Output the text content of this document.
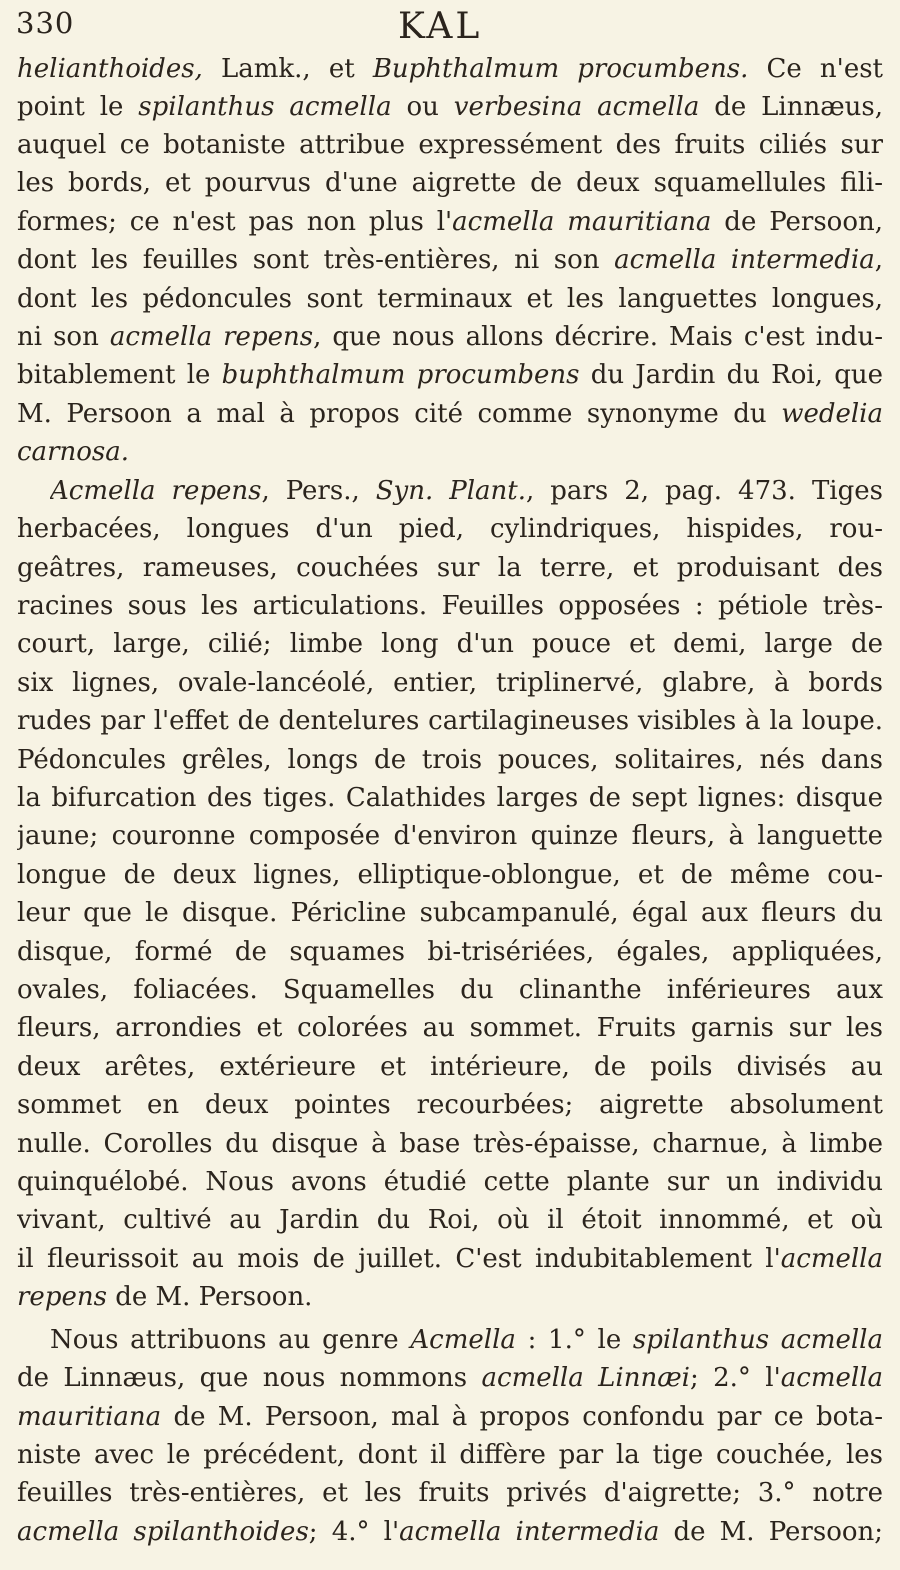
330	KAL
helianthoides, Lamk., et Buphthalmum procumbens. Ce n'est
point le spilanthus acmella ou verbesina acmella de Linnæus,
auquel ce botaniste attribue expressément des fruits ciliés sur
les bords, et pourvus d'une aigrette de deux squamellules fili-
formes; ce n'est pas non plus l'acmella mauritiana de Persoon,
dont les feuilles sont très-entières, ni son acmella intermedia,
dont les pédoncules sont terminaux et les languettes longues,
ni son acmella repens, que nous allons décrire. Mais c'est indu-
bitablement le buphthalmum procumbens du Jardin du Roi, que
M. Persoon a mal à propos cité comme synonyme du wedelia
carnosa.
Acmella repens, Pers., Syn. Plant., pars 2, pag. 473. Tiges
herbacées, longues d'un pied, cylindriques, hispides, rou-
geâtres, rameuses, couchées sur la terre, et produisant des
racines sous les articulations. Feuilles opposées : pétiole très-
court, large, cilié; limbe long d'un pouce et demi, large de
six lignes, ovale-lancéolé, entier, triplinervé, glabre, à bords
rudes par l'effet de dentelures cartilagineuses visibles à la loupe.
Pédoncules grêles, longs de trois pouces, solitaires, nés dans
la bifurcation des tiges. Calathides larges de sept lignes: disque
jaune; couronne composée d'environ quinze fleurs, à languette
longue de deux lignes, elliptique-oblongue, et de même cou-
leur que le disque. Péricline subcampanulé, égal aux fleurs du
disque, formé de squames bi-trisériées, égales, appliquées,
ovales, foliacées. Squamelles du clinanthe inférieures aux
fleurs, arrondies et colorées au sommet. Fruits garnis sur les
deux arêtes, extérieure et intérieure, de poils divisés au
sommet en deux pointes recourbées; aigrette absolument
nulle. Corolles du disque à base très-épaisse, charnue, à limbe
quinquélobé. Nous avons étudié cette plante sur un individu
vivant, cultivé au Jardin du Roi, où il étoit innommé, et où
il fleurissoit au mois de juillet. C'est indubitablement l'acmella
repens de M. Persoon.
Nous attribuons au genre Acmella : 1.° le spilanthus acmella
de Linnæus, que nous nommons acmella Linnæi; 2.° l'acmella
mauritiana de M. Persoon, mal à propos confondu par ce bota-
niste avec le précédent, dont il diffère par la tige couchée, les
feuilles très-entières, et les fruits privés d'aigrette; 3.° notre
acmella spilanthoides; 4.° l'acmella intermedia de M. Persoon;
